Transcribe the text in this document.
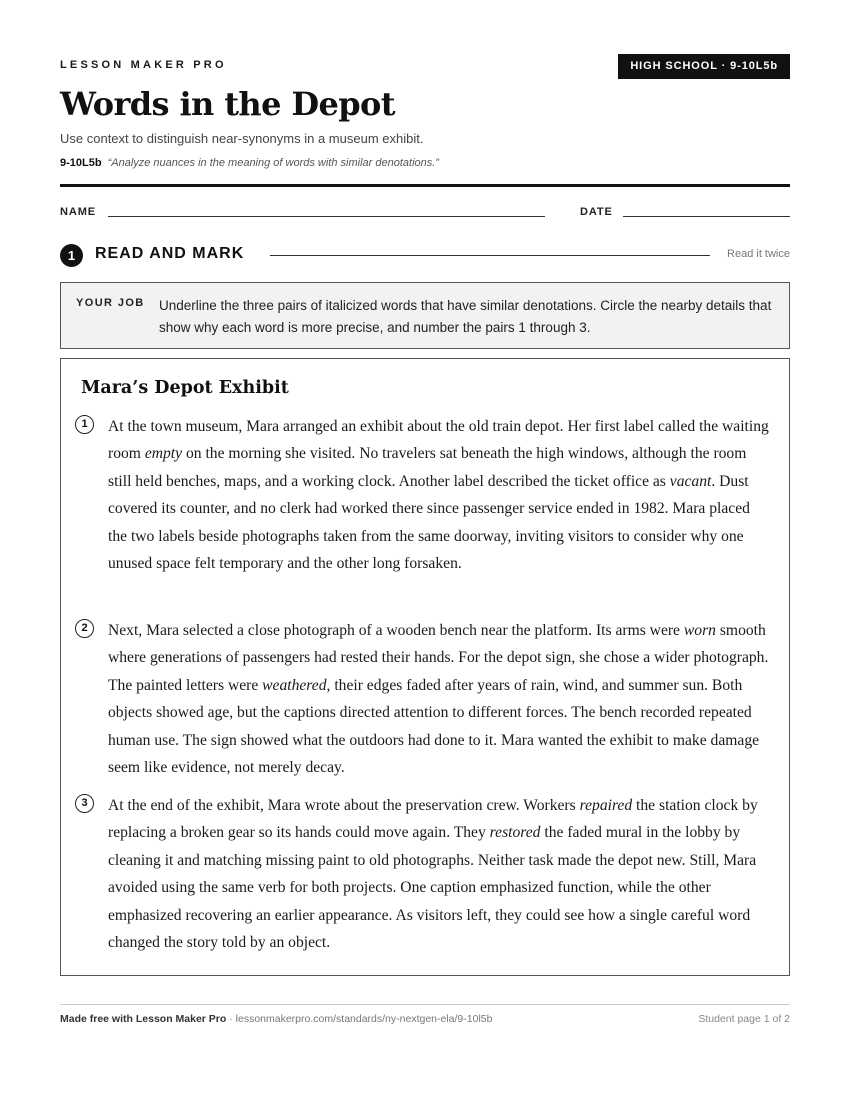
LESSON MAKER PRO	HIGH SCHOOL · 9-10L5b
Words in the Depot
Use context to distinguish near-synonyms in a museum exhibit.
9-10L5b “Analyze nuances in the meaning of words with similar denotations.”
NAME	DATE
1	READ AND MARK	Read it twice
YOUR JOB Underline the three pairs of italicized words that have similar denotations. Circle the nearby details that show why each word is more precise, and number the pairs 1 through 3.
Mara’s Depot Exhibit
1	At the town museum, Mara arranged an exhibit about the old train depot. Her first label called the waiting room empty on the morning she visited. No travelers sat beneath the high windows, although the room still held benches, maps, and a working clock. Another label described the ticket office as vacant. Dust covered its counter, and no clerk had worked there since passenger service ended in 1982. Mara placed the two labels beside photographs taken from the same doorway, inviting visitors to consider why one unused space felt temporary and the other long forsaken.

2	Next, Mara selected a close photograph of a wooden bench near the platform. Its arms were worn smooth where generations of passengers had rested their hands. For the depot sign, she chose a wider photograph. The painted letters were weathered, their edges faded after years of rain, wind, and summer sun. Both objects showed age, but the captions directed attention to different forces. The bench recorded repeated human use. The sign showed what the outdoors had done to it. Mara wanted the exhibit to make damage seem like evidence, not merely decay.

3	At the end of the exhibit, Mara wrote about the preservation crew. Workers repaired the station clock by replacing a broken gear so its hands could move again. They restored the faded mural in the lobby by cleaning it and matching missing paint to old photographs. Neither task made the depot new. Still, Mara avoided using the same verb for both projects. One caption emphasized function, while the other emphasized recovering an earlier appearance. As visitors left, they could see how a single careful word changed the story told by an object.

Made free with Lesson Maker Pro · lessonmakerpro.com/standards/ny-nextgen-ela/9-10l5b	Student page 1 of 2
